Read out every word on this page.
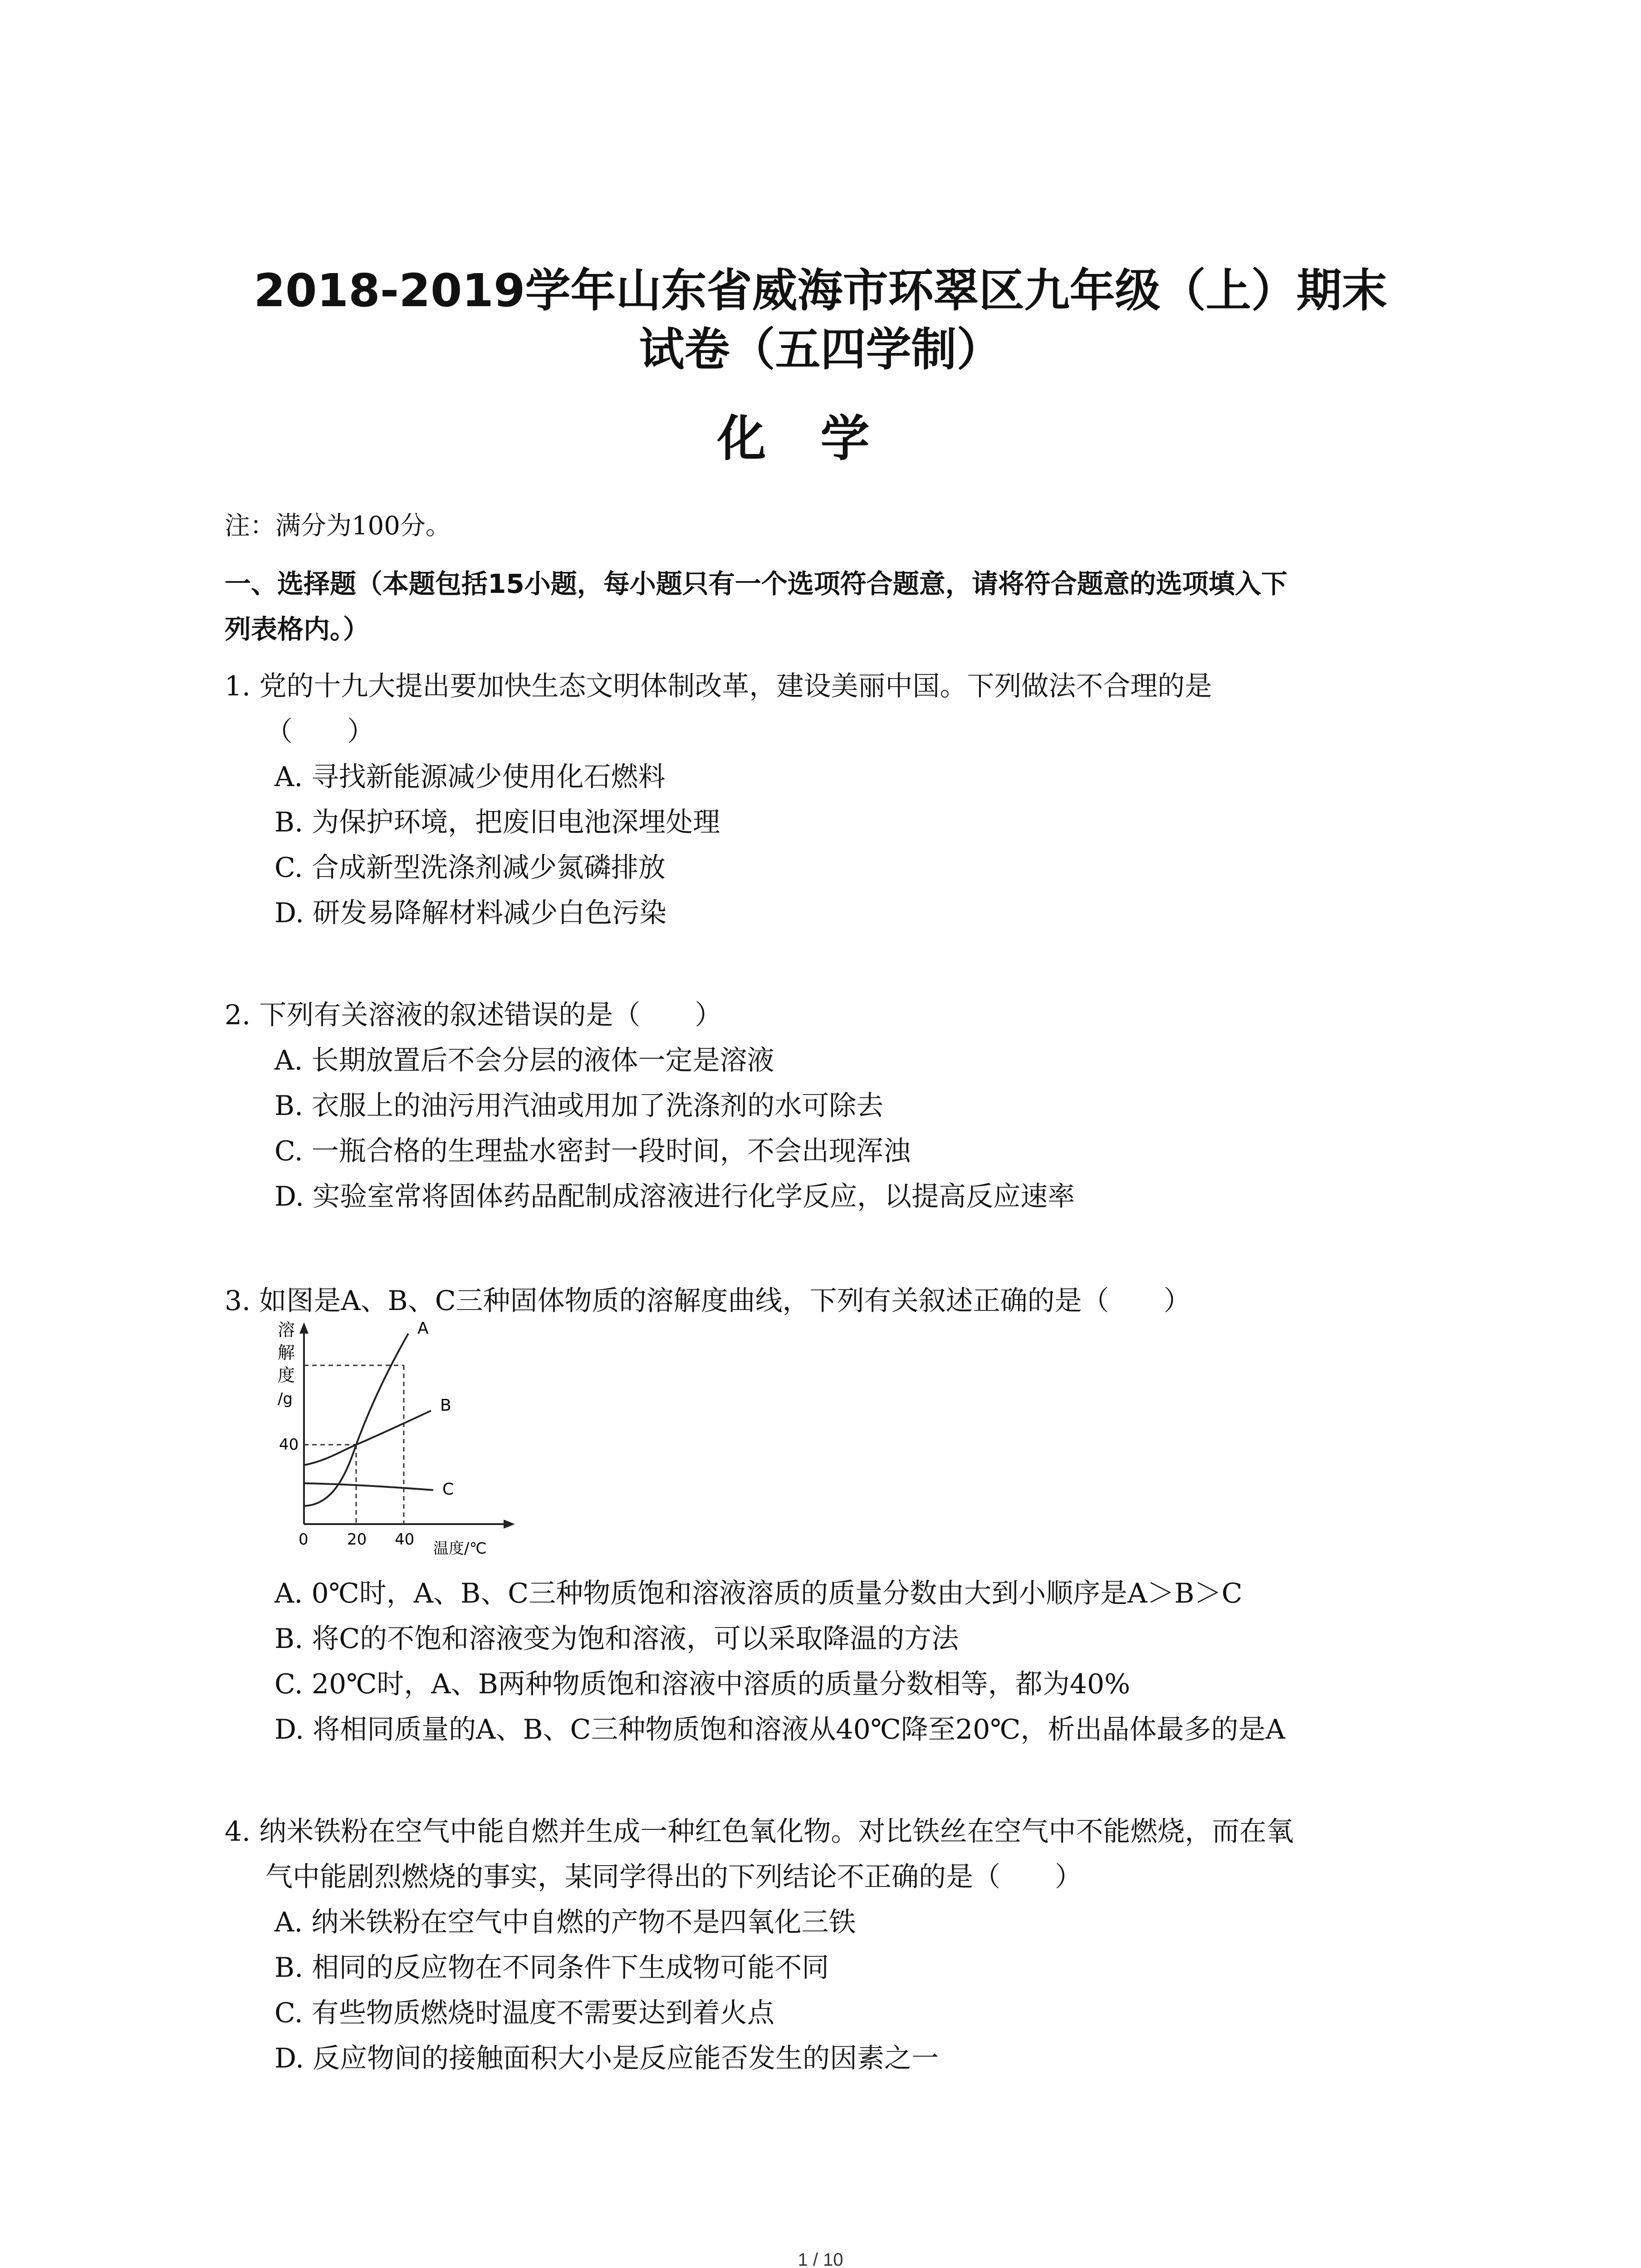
2018-2019学年山东省威海市环翠区九年级（上）期末
试卷（五四学制）
化学
注：满分为100分。
一、选择题（本题包括15小题，每小题只有一个选项符合题意，请将符合题意的选项填入下
列表格内。）
1. 党的十九大提出要加快生态文明体制改革，建设美丽中国。下列做法不合理的是
（　　）
A. 寻找新能源减少使用化石燃料
B. 为保护环境，把废旧电池深埋处理
C. 合成新型洗涤剂减少氮磷排放
D. 研发易降解材料减少白色污染
2. 下列有关溶液的叙述错误的是（　　）
A. 长期放置后不会分层的液体一定是溶液
B. 衣服上的油污用汽油或用加了洗涤剂的水可除去
C. 一瓶合格的生理盐水密封一段时间，不会出现浑浊
D. 实验室常将固体药品配制成溶液进行化学反应，以提高反应速率
3. 如图是A、B、C三种固体物质的溶解度曲线，下列有关叙述正确的是（　　）
溶
解
度
/g
A
B
C
40
0	20 40 温度/℃
A. 0℃时，A、B、C三种物质饱和溶液溶质的质量分数由大到小顺序是A＞B＞C
B. 将C的不饱和溶液变为饱和溶液，可以采取降温的方法
C. 20℃时，A、B两种物质饱和溶液中溶质的质量分数相等，都为40%
D. 将相同质量的A、B、C三种物质饱和溶液从40℃降至20℃，析出晶体最多的是A
4. 纳米铁粉在空气中能自燃并生成一种红色氧化物。对比铁丝在空气中不能燃烧，而在氧
气中能剧烈燃烧的事实，某同学得出的下列结论不正确的是（　　）
A. 纳米铁粉在空气中自燃的产物不是四氧化三铁
B. 相同的反应物在不同条件下生成物可能不同
C. 有些物质燃烧时温度不需要达到着火点
D. 反应物间的接触面积大小是反应能否发生的因素之一
1 / 10
